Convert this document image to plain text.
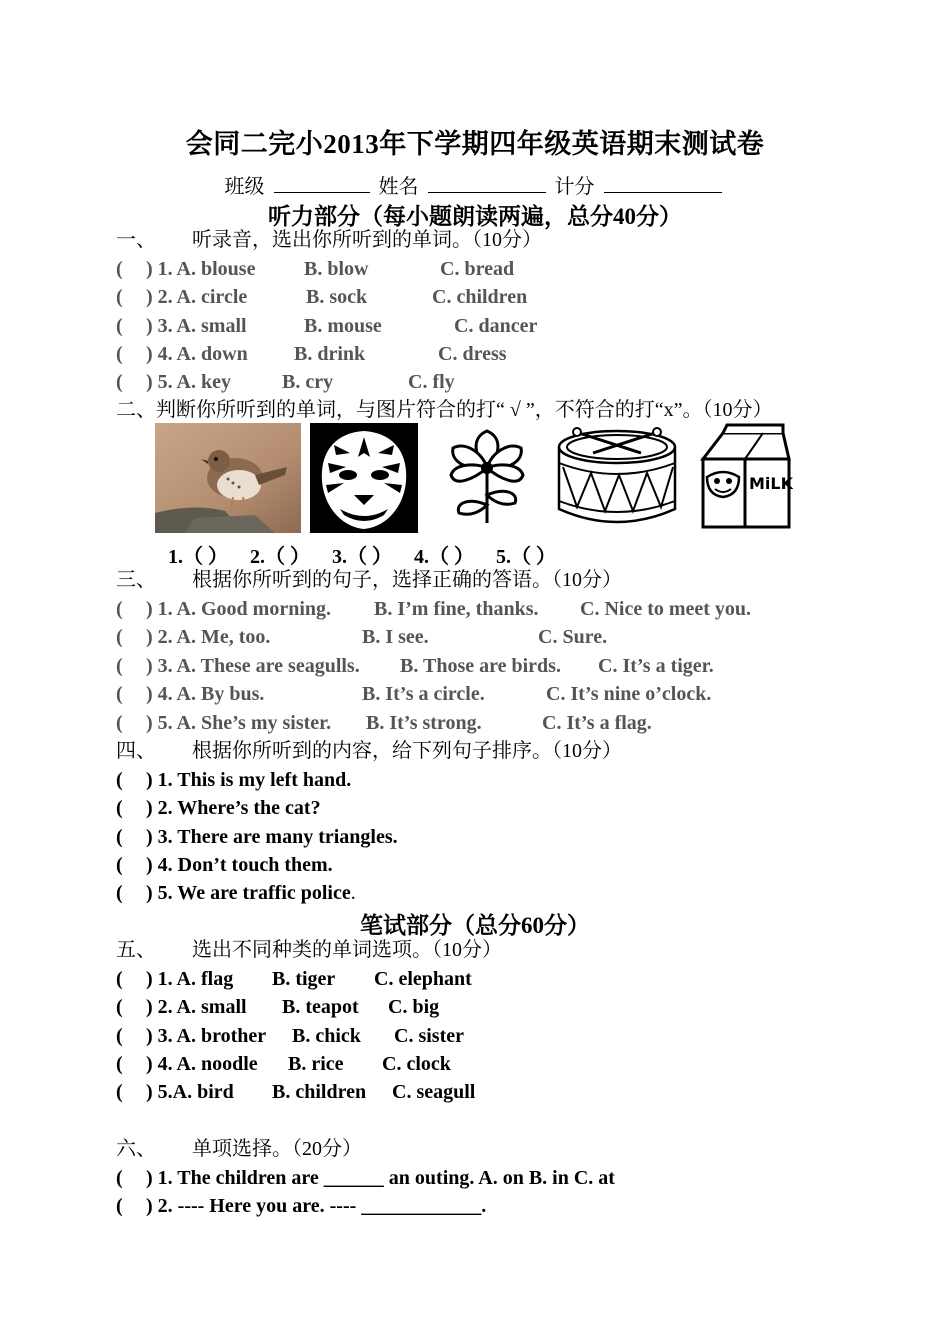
会同二完小2013年下学期四年级英语期末测试卷
班级	姓名	计分
听力部分（每小题朗读两遍，总分40分）
一、 听录音，选出你所听到的单词。（10分）
( ) 1. A. blouse B. blow	C. bread
( ) 2. A. circle	B. sock	C. children
( ) 3. A. small	B. mouse	C. dancer
( ) 4. A. down B. drink	C. dress
( ) 5. A. key	B. cry	C. fly
二、判断你所听到的单词，与图片符合的打“ √ ”，不符合的打“x”。（10分）
MiLK
1.（ ） 2.（ ） 3.（ ） 4.（ ） 5.（ ）
三、 根据你所听到的句子，选择正确的答语。（10分）
( ) 1. A. Good morning. B. I’m fine, thanks. C. Nice to meet you.
( ) 2. A. Me, too.	B. I see.	C. Sure.
( ) 3. A. These are seagulls. B. Those are birds. C. It’s a tiger.
( ) 4. A. By bus.	B. It’s a circle.	C. It’s nine o’clock.
( ) 5. A. She’s my sister. B. It’s strong.	C. It’s a flag.
四、 根据你所听到的内容，给下列句子排序。（10分）
( ) 1. This is my left hand.
( ) 2. Where’s the cat?
( ) 3. There are many triangles.
( ) 4. Don’t touch them.
( ) 5. We are traffic police.
笔试部分（总分60分）
五、 选出不同种类的单词选项。（10分）
( ) 1. A. flag B. tiger C. elephant
( ) 2. A. small B. teapot C. big
( ) 3. A. brother B. chick C. sister
( ) 4. A. noodle B. rice C. clock
( ) 5.A. bird B. children C. seagull
六、 单项选择。（20分）
( ) 1. The children are ______ an outing. A. on B. in C. at
( ) 2. ---- Here you are. ---- ____________.
